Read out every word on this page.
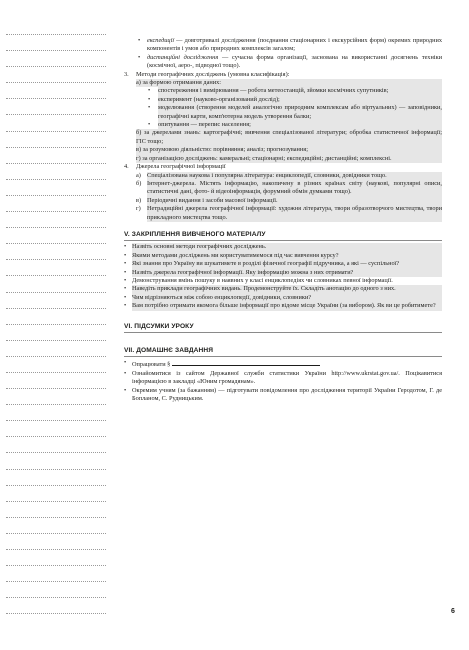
•	експедиції — довготривалі дослідження (поєднання стаціонарних і екскурсійних форм) окремих природних компонентів і умов або природних комплексів загалом;
•	дистанційні дослідження — сучасна форма організації, заснована на використанні досягнень техніки (космічної, аеро-, підводної тощо).
3.	Методи географічних досліджень (умовна класифікація):
а) за формою отримання даних:
•	спостереження і вимірювання — робота метеостанцій, зйомки космічних супутників;
•	експеримент (науково-організований дослід);
•	моделювання (створення моделей аналогічно природним комплексам або віртуальних) — заповідники, географічні карти, комп'ютерна модель утворення балки;
•	опитування — перепис населення;
б) за джерелами знань: картографічні; вивчення спеціалізованої літератури; обробка статистичної інформації; ГІС тощо;
в) за розумовою діяльністю: порівняння; аналіз; прогнозування;
г) за організацією досліджень: камеральні; стаціонарні; експедиційні; дистанційні; комплексні.
4.	Джерела географічної інформації
а) Спеціалізована наукова і популярна література: енциклопедії, словники, довідники тощо.
б) Інтернет-джерела. Містять інформацію, накопичену в різних країнах світу (наукові, популярні описи, статистичні дані, фото- й відеоінформація, форумний обмін думками тощо).
в) Періодичні видання і засоби масової інформації.
г)	Нетрадиційні джерела географічної інформації: художня література, твори образотворчого мистецтва, твори прикладного мистецтва тощо.
V. ЗАКРІПЛЕННЯ ВИВЧЕНОГО МАТЕРІАЛУ
• Назвіть основні методи географічних досліджень.
• Якими методами досліджень ми користуватимемося під час вивчення курсу?
• Які знання про Україну ви шукатимете в розділі фізичної географії підручника, а які — суспільної?
• Назвіть джерела географічної інформації. Яку інформацію можна з них отримати?
• Демонстрування вмінь пошуку в наявних у класі енциклопедіях чи словниках певної інформації.
• Наведіть приклади географічних видань. Продемонструйте їх. Складіть анотацію до одного з них.
• Чим відрізняються між собою енциклопедії, довідники, словники?
• Вам потрібно отримати якомога більше інформації про відоме місце України (за вибором). Як ви це робитимете?
VI. ПІДСУМКИ УРОКУ
VII. ДОМАШНЄ ЗАВДАННЯ
• Опрацювати §
• Ознайомитися із сайтом Державної служби статистики України http://www.ukrstat.gov.ua/. Поцікавитися інформацією в закладці «Юним громадянам».
• Окремим учням (за бажанням) — підготувати повідомлення про дослідження території України Геродотом, Г. де Бопланом, С. Рудницьким.
6
